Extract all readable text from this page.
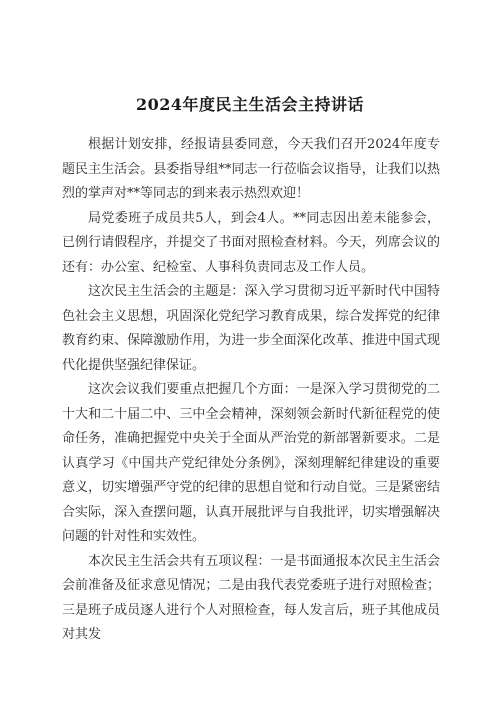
2024年度民主生活会主持讲话

根据计划安排，经报请县委同意，今天我们召开2024年度专题民主生活会。县委指导组**同志一行莅临会议指导，让我们以热烈的掌声对**等同志的到来表示热烈欢迎！

局党委班子成员共5人，到会4人。**同志因出差未能参会，已例行请假程序，并提交了书面对照检查材料。今天，列席会议的还有：办公室、纪检室、人事科负责同志及工作人员。

这次民主生活会的主题是：深入学习贯彻习近平新时代中国特色社会主义思想，巩固深化党纪学习教育成果，综合发挥党的纪律教育约束、保障激励作用，为进一步全面深化改革、推进中国式现代化提供坚强纪律保证。

这次会议我们要重点把握几个方面：一是深入学习贯彻党的二十大和二十届二中、三中全会精神，深刻领会新时代新征程党的使命任务，准确把握党中央关于全面从严治党的新部署新要求。二是认真学习《中国共产党纪律处分条例》，深刻理解纪律建设的重要意义，切实增强严守党的纪律的思想自觉和行动自觉。三是紧密结合实际，深入查摆问题，认真开展批评与自我批评，切实增强解决问题的针对性和实效性。

本次民主生活会共有五项议程：一是书面通报本次民主生活会会前准备及征求意见情况；二是由我代表党委班子进行对照检查；三是班子成员逐人进行个人对照检查，每人发言后，班子其他成员对其发
